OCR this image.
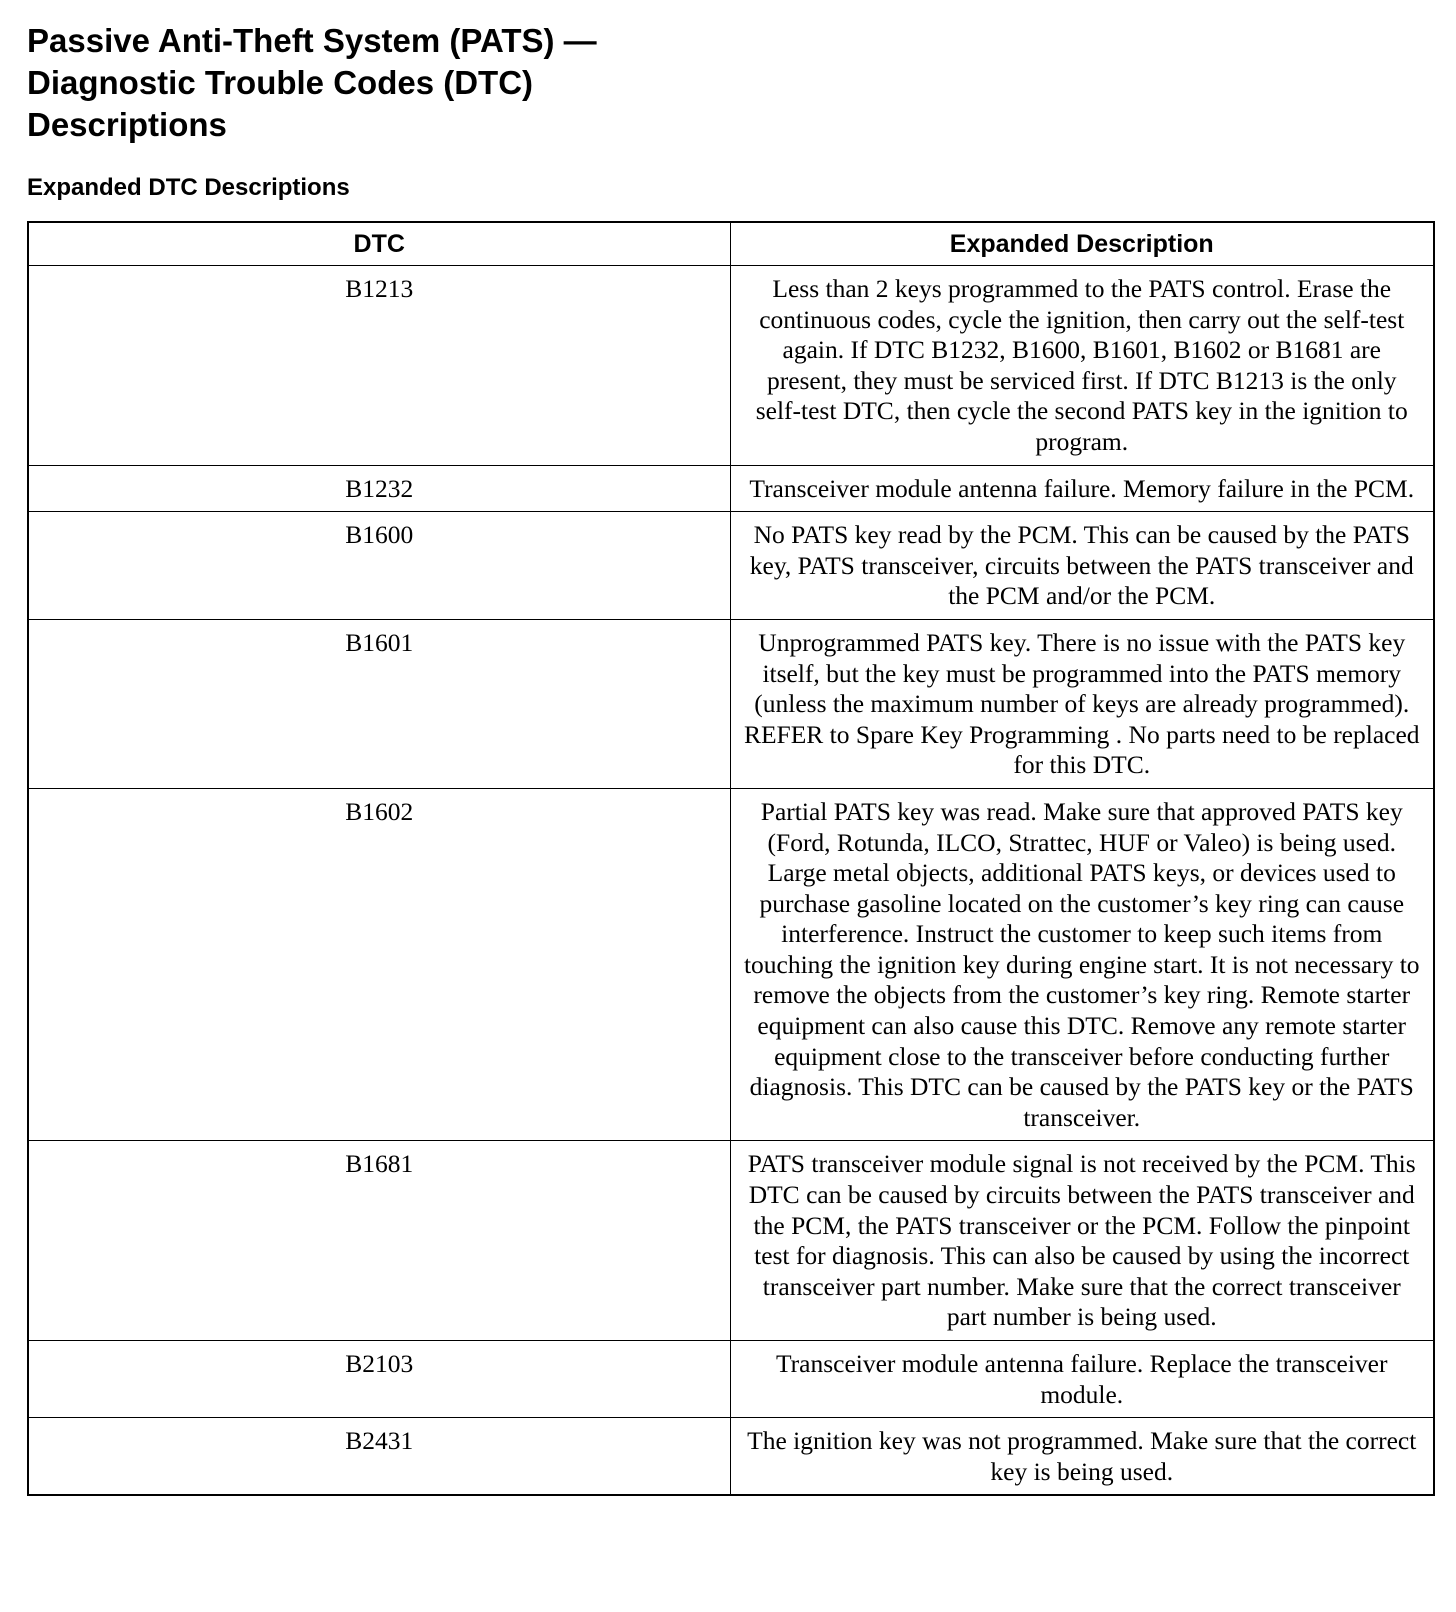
Passive Anti-Theft System (PATS) —
Diagnostic Trouble Codes (DTC)
Descriptions
Expanded DTC Descriptions
DTC	Expanded Description
B1213	Less than 2 keys programmed to the PATS control. Erase the continuous codes, cycle the ignition, then carry out the self-test again. If DTC B1232, B1600, B1601, B1602 or B1681 are present, they must be serviced first. If DTC B1213 is the only self-test DTC, then cycle the second PATS key in the ignition to program.
B1232	Transceiver module antenna failure. Memory failure in the PCM.
B1600	No PATS key read by the PCM. This can be caused by the PATS key, PATS transceiver, circuits between the PATS transceiver and the PCM and/or the PCM.
B1601	Unprogrammed PATS key. There is no issue with the PATS key itself, but the key must be programmed into the PATS memory (unless the maximum number of keys are already programmed). REFER to Spare Key Programming . No parts need to be replaced for this DTC.
B1602	Partial PATS key was read. Make sure that approved PATS key (Ford, Rotunda, ILCO, Strattec, HUF or Valeo) is being used. Large metal objects, additional PATS keys, or devices used to purchase gasoline located on the customer’s key ring can cause interference. Instruct the customer to keep such items from touching the ignition key during engine start. It is not necessary to remove the objects from the customer’s key ring. Remote starter equipment can also cause this DTC. Remove any remote starter equipment close to the transceiver before conducting further diagnosis. This DTC can be caused by the PATS key or the PATS transceiver.
B1681	PATS transceiver module signal is not received by the PCM. This DTC can be caused by circuits between the PATS transceiver and the PCM, the PATS transceiver or the PCM. Follow the pinpoint test for diagnosis. This can also be caused by using the incorrect transceiver part number. Make sure that the correct transceiver part number is being used.
B2103	Transceiver module antenna failure. Replace the transceiver module.
B2431	The ignition key was not programmed. Make sure that the correct key is being used.
